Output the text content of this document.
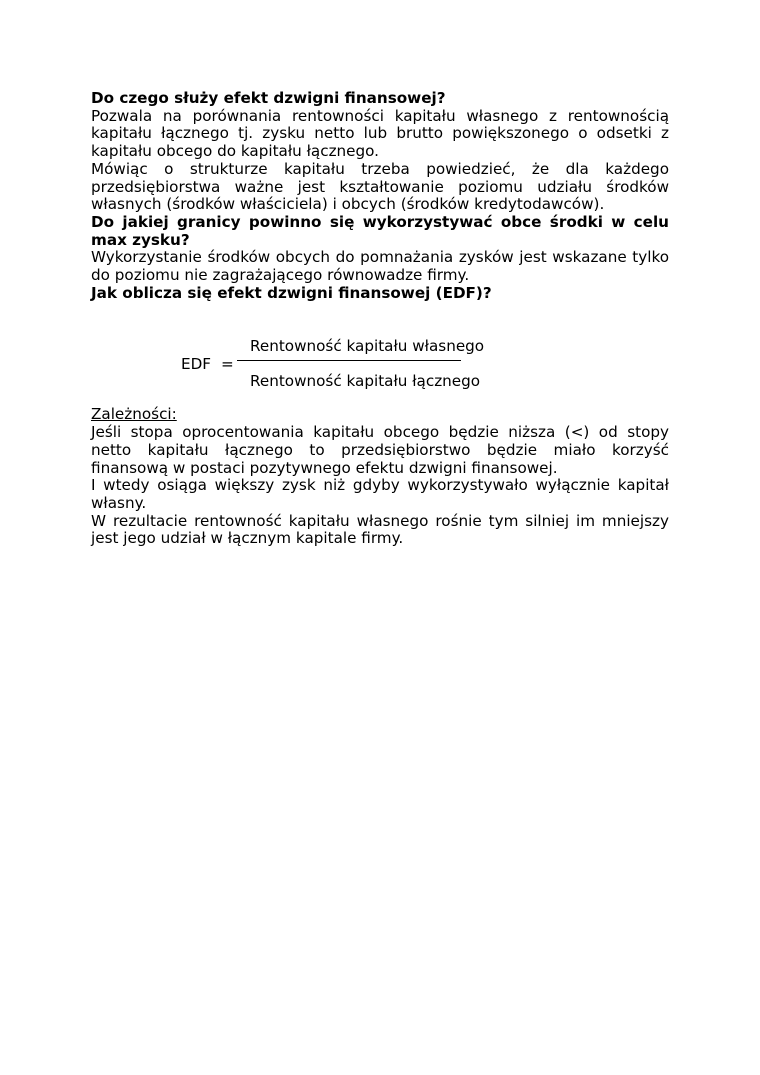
Do czego służy efekt dzwigni finansowej?

Pozwala na porównania rentowności kapitału własnego z rentownością kapitału łącznego tj. zysku netto lub brutto powiększonego o odsetki z kapitału obcego do kapitału łącznego.

Mówiąc o strukturze kapitału trzeba powiedzieć, że dla każdego przedsiębiorstwa ważne jest kształtowanie poziomu udziału środków własnych (środków właściciela) i obcych (środków kredytodawców).

Do jakiej granicy powinno się wykorzystywać obce środki w celu max zysku?

Wykorzystanie środków obcych do pomnażania zysków jest wskazane tylko do poziomu nie zagrażającego równowadze firmy.

Jak oblicza się efekt dzwigni finansowej (EDF)?

EDF =
Rentowność kapitału własnego
Rentowność kapitału łącznego

Zależności:

Jeśli stopa oprocentowania kapitału obcego będzie niższa (<) od stopy netto kapitału łącznego to przedsiębiorstwo będzie miało korzyść finansową w postaci pozytywnego efektu dzwigni finansowej.

I wtedy osiąga większy zysk niż gdyby wykorzystywało wyłącznie kapitał własny.

W rezultacie rentowność kapitału własnego rośnie tym silniej im mniejszy jest jego udział w łącznym kapitale firmy.
